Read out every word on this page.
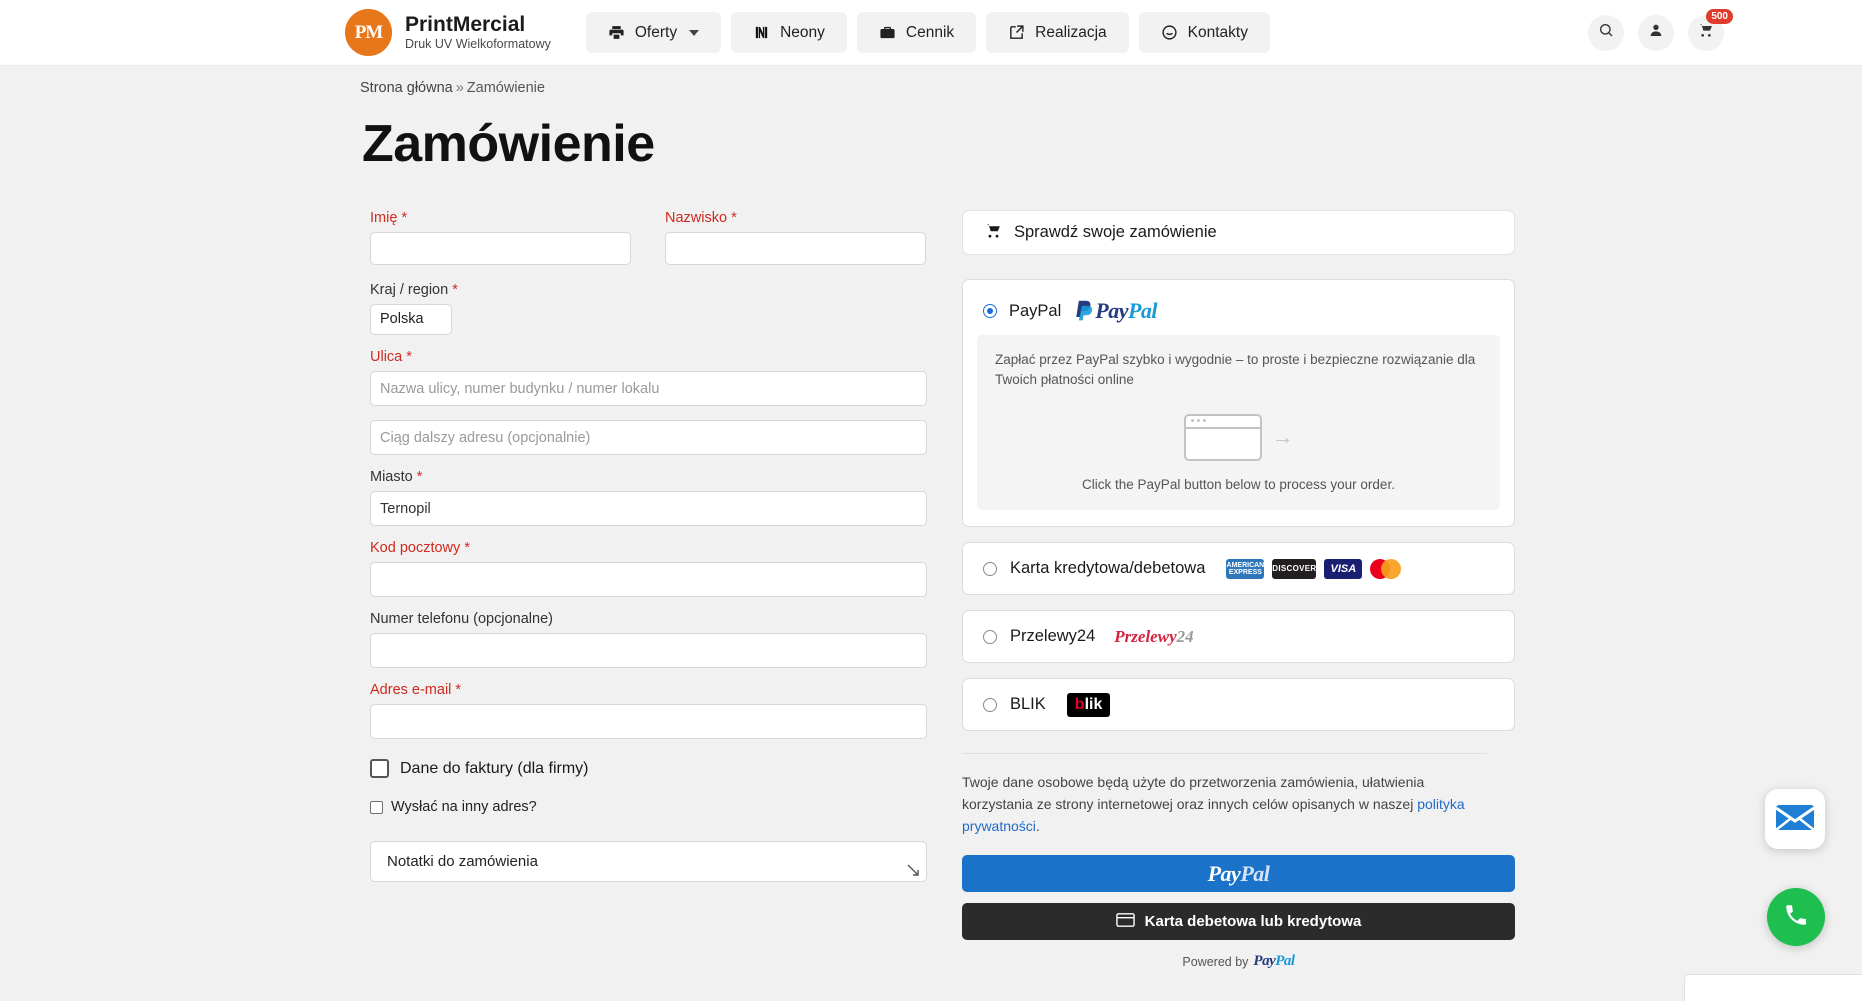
PM	PrintMercial
Druk UV Wielkoformatowy
Oferty	Neony	Cennik	Realizacja	Kontakty
500
Strona główna » Zamówienie
Zamówienie
Imię *	Nazwisko *
Kraj / region *
Polska
Ulica *
Nazwa ulicy, numer budynku / numer lokalu
Ciąg dalszy adresu (opcjonalnie)
Miasto *
Ternopil
Kod pocztowy *
Numer telefonu (opcjonalne)
Adres e-mail *
Dane do faktury (dla firmy)
Wysłać na inny adres?
Notatki do zamówienia
Sprawdź swoje zamówienie
PayPal	PayPal
Zapłać przez PayPal szybko i wygodnie – to proste i bezpieczne rozwiązanie dla Twoich płatności online
→
Click the PayPal button below to process your order.
Karta kredytowa/debetowa	AMERICAN
EXPRESS	DISCΟVER	VISA
Przelewy24 Przelewy24
BLIK	blik
Twoje dane osobowe będą użyte do przetworzenia zamówienia, ułatwienia korzystania ze strony internetowej oraz innych celów opisanych w naszej polityka prywatności.
PayPal
Karta debetowa lub kredytowa
Powered by PayPal
